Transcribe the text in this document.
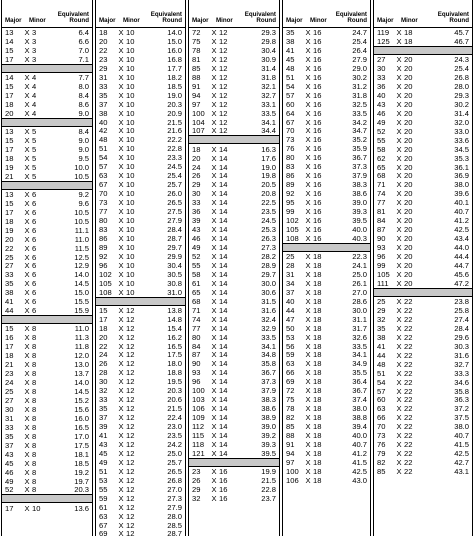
Major Minor
Equivalent
Round
13	X 3	6.4
14	X 3	6.6
15	X 3	7.0
17	X 3	7.1
14	X 4	7.7
15	X 4	8.0
17	X 4	8.4
18	X 4	8.6
20	X 4	9.0
13	X 5	8.4
15	X 5	9.0
17	X 5	9.0
18	X 5	9.5
19	X 5	10.0
21	X 5	10.5
13	X 6	9.2
15	X 6	9.6
17	X 6	10.5
18	X 6	10.5
19	X 6	11.1
20	X 6	11.0
22	X 6	11.5
25	X 6	12.5
27	X 6	12.9
33	X 6	14.0
35	X 6	14.5
38	X 6	15.0
41	X 6	15.5
44	X 6	15.9
15	X 8	11.0
16	X 8	11.3
17	X 8	11.8
18	X 8	12.0
21	X 8	13.0
23	X 8	13.7
24	X 8	14.0
25	X 8	14.5
27	X 8	15.2
30	X 8	15.6
31	X 8	16.0
33	X 8	16.5
35	X 8	17.0
37	X 8	17.5
43	X 8	18.1
45	X 8	18.5
46	X 8	19.2
49	X 8	19.7
52	X 8	20.3
17	X 10	13.6
Major Minor
Equivalent
Round
18	X 10	14.0
20	X 10	15.0
22	X 10	16.0
23	X 10	16.8
29	X 10	17.7
31	X 10	18.2
33	X 10	18.5
35	X 10	19.0
37	X 10	20.3
38	X 10	20.9
40	X 10	21.5
42	X 10	21.6
48	X 10	22.2
51	X 10	22.8
54	X 10	23.3
57	X 10	24.5
63	X 10	25.4
67	X 10	25.7
70	X 10	26.0
73	X 10	26.5
77	X 10	27.5
80	X 10	27.9
83	X 10	28.4
86	X 10	28.7
89	X 10	29.7
92	X 10	29.9
96	X 10	30.4
102 X 10	30.5
105 X 10	30.8
108 X 10	31.0
15	X 12	13.8
17	X 12	14.8
18	X 12	15.4
20	X 12	16.2
22	X 12	16.5
24	X 12	17.5
26	X 12	18.0
28	X 12	18.8
30	X 12	19.5
32	X 12	20.3
33	X 12	20.6
35	X 12	21.5
37	X 12	22.4
39	X 12	23.0
41	X 12	23.5
43	X 12	24.2
45	X 12	25.0
49	X 12	25.7
51	X 12	26.5
53	X 12	26.8
55	X 12	27.0
59	X 12	27.3
61	X 12	27.9
63	X 12	28.0
67	X 12	28.5
69	X 12	28.7
Major Minor
Equivalent
Round
72	X 12	29.3
75	X 12	29.8
78	X 12	30.4
81	X 12	30.9
85	X 12	31.4
88	X 12	31.8
91	X 12	32.1
94	X 12	32.7
97	X 12	33.1
100 X 12	33.5
104 X 12	34.1
107 X 12	34.4
18	X 14	16.3
20	X 14	17.6
24	X 14	19.0
26	X 14	19.8
29	X 14	20.5
30	X 14	20.8
33	X 14	22.5
36	X 14	23.5
39	X 14	24.5
43	X 14	25.3
46	X 14	26.3
49	X 14	27.3
52	X 14	28.2
55	X 14	28.9
58	X 14	29.7
61	X 14	30.0
65	X 14	30.6
68	X 14	31.5
71	X 14	31.6
74	X 14	32.4
77	X 14	32.9
80	X 14	33.5
84	X 14	34.1
87	X 14	34.8
90	X 14	35.8
93	X 14	36.7
96	X 14	37.3
100 X 14	37.9
103 X 14	38.3
106 X 14	38.6
109 X 14	38.9
112 X 14	39.0
115 X 14	39.2
118 X 14	39.3
121 X 14	39.5
23	X 16	19.9
26	X 16	21.5
29	X 16	22.8
32	X 16	23.7
Major Minor
Equivalent
Round
35	X 16	24.7
38	X 16	25.4
41	X 16	26.4
45	X 16	27.9
48	X 16	29.0
51	X 16	30.2
54	X 16	31.2
57	X 16	31.8
60	X 16	32.5
64	X 16	33.5
67	X 16	34.2
70	X 16	34.7
73	X 16	35.2
76	X 16	35.9
80	X 16	36.7
83	X 16	37.3
86	X 16	37.9
89	X 16	38.3
92	X 16	38.6
95	X 16	39.0
99	X 16	39.3
102 X 16	39.5
105 X 16	40.0
108 X 16	40.3
25	X 18	22.3
28	X 18	24.1
31	X 18	25.0
34	X 18	26.1
37	X 18	27.0
40	X 18	28.6
44	X 18	30.0
47	X 18	31.1
50	X 18	31.7
53	X 18	32.6
56	X 18	33.5
59	X 18	34.1
63	X 18	34.9
66	X 18	35.5
69	X 18	36.4
72	X 18	36.7
75	X 18	37.4
78	X 18	38.0
82	X 18	38.8
85	X 18	39.4
88	X 18	40.0
91	X 18	40.7
94	X 18	41.2
97	X 18	41.5
100 X 18	42.5
106 X 18	43.0
Major Minor
Equivalent
Round
119 X 18	45.7
125 X 18	46.7
27	X 20	24.3
30	X 20	25.4
33	X 20	26.8
36	X 20	28.0
40	X 20	29.3
43	X 20	30.2
46	X 20	31.4
49	X 20	32.0
52	X 20	33.0
55	X 20	33.6
58	X 20	34.5
62	X 20	35.3
65	X 20	36.1
68	X 20	36.9
71	X 20	38.0
74	X 20	39.6
77	X 20	40.1
81	X 20	40.7
84	X 20	41.2
87	X 20	42.5
90	X 20	43.4
93	X 20	44.0
96	X 20	44.4
99	X 20	44.7
105 X 20	45.6
111	X 20	47.2
25	X 22	23.8
29	X 22	25.8
32	X 22	27.4
35	X 22	28.4
38	X 22	29.6
41	X 22	30.3
44	X 22	31.6
48	X 22	32.7
51	X 22	33.3
54	X 22	34.6
57	X 22	35.8
60	X 22	36.3
63	X 22	37.2
66	X 22	37.5
70	X 22	38.0
73	X 22	40.7
76	X 22	41.5
79	X 22	42.5
82	X 22	42.7
85	X 22	43.1
